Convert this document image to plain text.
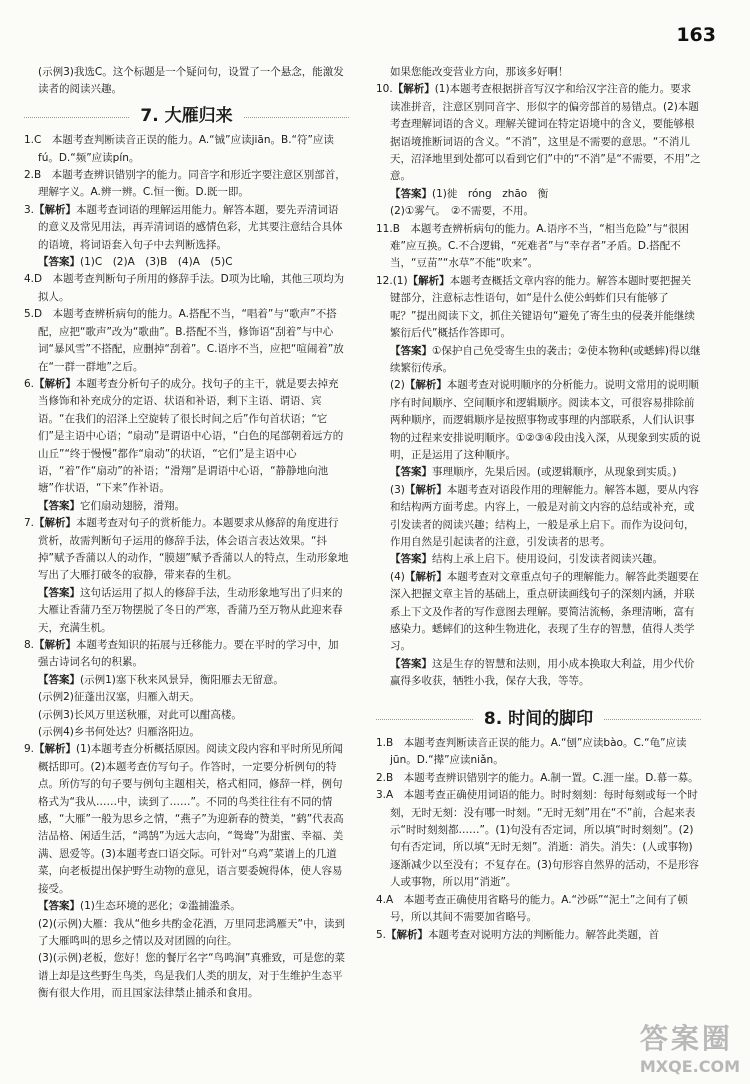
163

(示例3)我选C。这个标题是一个疑问句，设置了一个悬念，能激发读者的阅读兴趣。

7. 大雁归来

1.C　本题考查判断读音正误的能力。A.“铖”应读jiān。B.“符”应读fú。D.“频”应读pín。

2.B　本题考查辨识错别字的能力。同音字和形近字要注意区别部首，理解字义。A.辨一辨。C.恒一衡。D.既一即。

3.【解析】本题考查词语的理解运用能力。解答本题，要先弄清词语的意义及常见用法，再弄清词语的感情色彩，尤其要注意结合具体的语境，将词语套入句子中去判断选择。

【答案】(1)C　(2)A　(3)B　(4)A　(5)C

4.D　本题考查判断句子所用的修辞手法。D项为比喻，其他三项均为拟人。

5.D　本题考查辨析病句的能力。A.搭配不当，“唱着”与“歌声”不搭配，应把“歌声”改为“歌曲”。B.搭配不当，修饰语“刮着”与中心词“暴风雪”不搭配，应删掉“刮着”。C.语序不当，应把“喧闹着”放在“一群一群地”之后。

6.【解析】本题考查分析句子的成分。找句子的主干，就是要去掉充当修饰和补充成分的定语、状语和补语，剩下主语、谓语、宾语。“在我们的沼泽上空旋转了很长时间之后”作句首状语；“它们”是主语中心语；“扇动”是谓语中心语，“白色的尾部朝着远方的山丘”“终于慢慢”都作“扇动”的状语，“它们”是主语中心语，“着”作“扇动”的补语；“滑翔”是谓语中心语，“静静地向池塘”作状语，“下来”作补语。

【答案】它们扇动翅膀，滑翔。

7.【解析】本题考查对句子的赏析能力。本题要求从修辞的角度进行赏析，故需判断句子运用的修辞手法，体会语言表达效果。“抖掉”赋予香蒲以人的动作，“膜翅”赋予香蒲以人的特点，生动形象地写出了大雁打破冬的寂静，带来春的生机。

【答案】这句话运用了拟人的修辞手法，生动形象地写出了归来的大雁让香蒲乃至万物摆脱了冬日的严寒，香蒲乃至万物从此迎来春天，充满生机。

8.【解析】本题考查知识的拓展与迁移能力。要在平时的学习中，加强古诗词名句的积累。

【答案】(示例1)塞下秋来风景异，衡阳雁去无留意。

(示例2)征蓬出汉塞，归雁入胡天。

(示例3)长风万里送秋雁，对此可以酣高楼。

(示例4)乡书何处达？归雁洛阳边。

9.【解析】(1)本题考查分析概括原因。阅读文段内容和平时所见所闻概括即可。(2)本题考查仿写句子。作答时，一定要分析例句的特点。所仿写的句子要与例句主题相关，格式相同，修辞一样，例句格式为“我从……中，读到了……”。不同的鸟类往往有不同的情感，“大雁”一般为思乡之情，“燕子”为迎新春的赞美，“鹤”代表高洁品格、闲适生活，“鸿鹄”为远大志向，“鸳鸯”为甜蜜、幸福、美满、恩爱等。(3)本题考查口语交际。可针对“乌鸡”菜谱上的几道菜，向老板提出保护野生动物的意见，语言要委婉得体，使人容易接受。

【答案】(1)生态环境的恶化；②滥捕滥杀。

(2)(示例)大雁：我从“他乡共酌金花酒，万里同悲鸿雁天”中，读到了大雁鸣叫的思乡之情以及对团圆的向往。

(3)(示例)老板，您好！您的餐厅名字“鸟鸣涧”真雅致，可是您的菜谱上却是这些野生鸟类，鸟是我们人类的朋友，对于生维护生态平衡有很大作用，而且国家法律禁止捕杀和食用。

如果您能改变营业方向，那该多好啊！

10.【解析】(1)本题考查根据拼音写汉字和给汉字注音的能力。要求读准拼音，注意区别同音字、形似字的偏旁部首的易错点。(2)本题考查理解词语的含义。理解关键词在特定语境中的含义，要能够根据语境推断词语的含义。“不消”，这里是不需要的意思。“不消儿天，沼泽地里到处都可以看到它们”中的“不消”是“不需要，不用”之意。

【答案】(1)徙　róng　zhāo　衡

(2)①雾气。　②不需要，不用。

11.B　本题考查辨析病句的能力。A.语序不当，“相当危险”与“很困难”应互换。C.不合逻辑，“死难者”与“幸存者”矛盾。D.搭配不当，“豆苗”“水草”不能“吹来”。

12.(1)【解析】本题考查概括文章内容的能力。解答本题时要把握关键部分，注意标志性语句，如“是什么使公蚂蚱们只有能够了呢？”提出阅读下文，抓住关键语句“避免了寄生虫的侵袭并能继续繁衍后代”概括作答即可。

【答案】①保护自己免受寄生虫的袭击；②使本物种(或蟋蟀)得以继续繁衍传承。

(2)【解析】本题考查对说明顺序的分析能力。说明文常用的说明顺序有时间顺序、空间顺序和逻辑顺序。阅读本文，可很容易排除前两种顺序，而逻辑顺序是按照事物或事理的内部联系，人们认识事物的过程来安排说明顺序。①②③④段由浅入深，从现象到实质的说明，正是运用了这种顺序。

【答案】事理顺序，先果后因。(或逻辑顺序，从现象到实质。)

(3)【解析】本题考查对语段作用的理解能力。解答本题，要从内容和结构两方面考虑。内容上，一般是对前文内容的总结或补充，或引发读者的阅读兴趣；结构上，一般是承上启下。而作为设问句，作用自然是引起读者的注意，引发读者的思考。

【答案】结构上承上启下。使用设问，引发读者阅读兴趣。

(4)【解析】本题考查对文章重点句子的理解能力。解答此类题要在深入把握文章主旨的基础上，重点研读画线句子的深刻内涵，并联系上下文及作者的写作意图去理解。要简洁流畅，条理清晰，富有感染力。蟋蟀们的这种生物进化，表现了生存的智慧，值得人类学习。

【答案】这是生存的智慧和法则，用小成本换取大利益，用少代价赢得多收获，牺牲小我，保存大我，等等。

8. 时间的脚印

1.B　本题考查判断读音正误的能力。A.“刨”应读bào。C.“龟”应读jūn。D.“撵”应读niǎn。

2.B　本题考查辨识错别字的能力。A.制一置。C.涯一崖。D.幕一募。

3.A　本题考查正确使用词语的能力。时时刻刻：每时每刻或每一个时刻，无时无刻：没有哪一时刻。“无时无刻”用在“不”前，合起来表示“时时刻刻都……”。(1)句没有否定词，所以填“时时刻刻”。(2)句有否定词，所以填“无时无刻”。消逝：消失。消失：(人或事物)逐渐减少以至没有；不复存在。(3)句形容自然界的活动，不是形容人或事物，所以用“消逝”。

4.A　本题考查正确使用省略号的能力。A.“沙砾”“泥土”之间有了顿号，所以其间不需要加省略号。

5.【解析】本题考查对说明方法的判断能力。解答此类题，首

答案圈
MXQE.COM
